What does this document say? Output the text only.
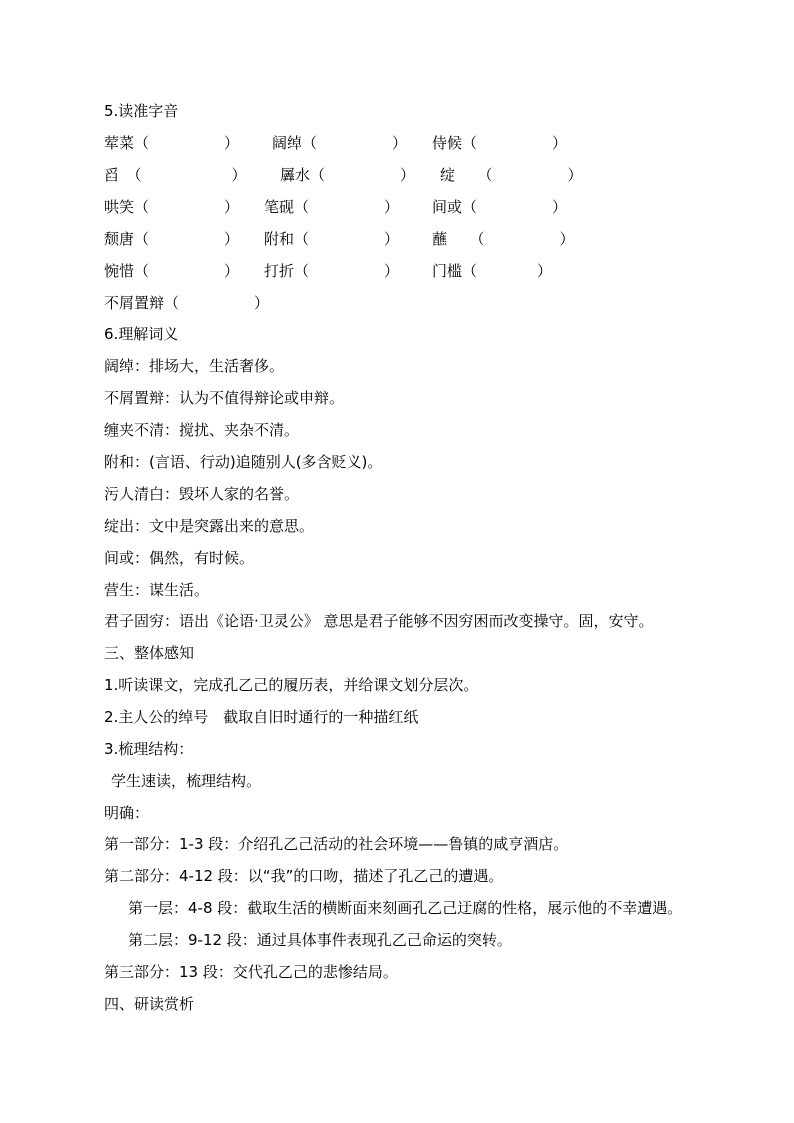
5.读准字音
荤菜（　　　　　） 阔绰（　　　　　） 侍候（　　　　　）
舀　（　　　　　　） 羼水（　　　　　） 绽　　（　　　　　）
哄笑（　　　　　） 笔砚（　　　　　） 间或（　　　　　）
颓唐（　　　　　） 附和（　　　　　） 蘸　　（　　　　　）
惋惜（　　　　　） 打折（　　　　　） 门槛（　　　　）
不屑置辩（　　　　　）
6.理解词义
阔绰：排场大，生活奢侈。
不屑置辩：认为不值得辩论或申辩。
缠夹不清：搅扰、夹杂不清。
附和：(言语、行动)追随别人(多含贬义)。
污人清白：毁坏人家的名誉。
绽出：文中是突露出来的意思。
间或：偶然，有时候。
营生：谋生活。
君子固穷：语出《论语·卫灵公》 意思是君子能够不因穷困而改变操守。固，安守。
三、整体感知
1.听读课文，完成孔乙己的履历表，并给课文划分层次。
2.主人公的绰号　截取自旧时通行的一种描红纸
3.梳理结构：
学生速读，梳理结构。
明确：
第一部分：1-3 段：介绍孔乙己活动的社会环境——鲁镇的咸亨酒店。
第二部分：4-12 段：以“我”的口吻，描述了孔乙己的遭遇。
第一层：4-8 段：截取生活的横断面来刻画孔乙己迂腐的性格，展示他的不幸遭遇。
第二层：9-12 段：通过具体事件表现孔乙己命运的突转。
第三部分：13 段：交代孔乙己的悲惨结局。
四、研读赏析
